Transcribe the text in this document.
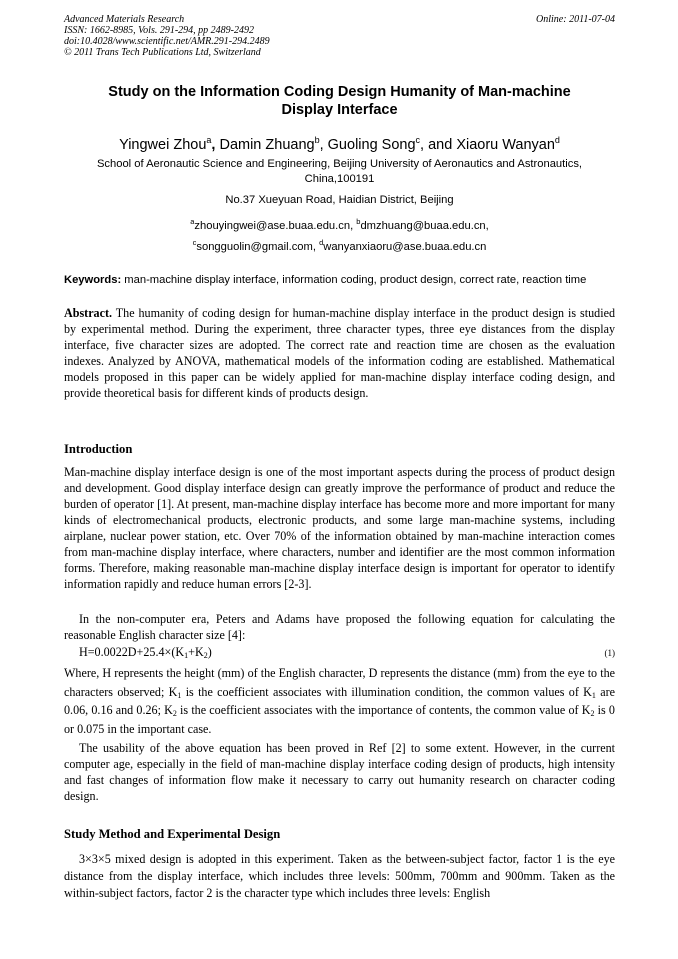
Advanced Materials Research	Online: 2011-07-04
ISSN: 1662-8985, Vols. 291-294, pp 2489-2492
doi:10.4028/www.scientific.net/AMR.291-294.2489
© 2011 Trans Tech Publications Ltd, Switzerland
Study on the Information Coding Design Humanity of Man-machine
Display Interface
Yingwei Zhou$^a$, Damin Zhuang$^b$, Guoling Song$^c$, and Xiaoru Wanyan$^d$
School of Aeronautic Science and Engineering, Beijing University of Aeronautics and Astronautics,
China,100191
No.37 Xueyuan Road, Haidian District, Beijing
$^a$zhouyingwei@ase.buaa.edu.cn, $^b$dmzhuang@buaa.edu.cn,
$^c$songguolin@gmail.com, $^d$wanyanxiaoru@ase.buaa.edu.cn
Keywords: man-machine display interface, information coding, product design, correct rate, reaction time
Abstract. The humanity of coding design for human-machine display interface in the product design is studied by experimental method. During the experiment, three character types, three eye distances from the display interface, five character sizes are adopted. The correct rate and reaction time are chosen as the evaluation indexes. Analyzed by ANOVA, mathematical models of the information coding are established. Mathematical models proposed in this paper can be widely applied for man-machine display interface coding design, and provide theoretical basis for different kinds of products design.
Introduction
Man-machine display interface design is one of the most important aspects during the process of product design and development. Good display interface design can greatly improve the performance of product and reduce the burden of operator [1]. At present, man-machine display interface has become more and more important for many kinds of electromechanical products, electronic products, and some large man-machine systems, including airplane, nuclear power station, etc. Over 70% of the information obtained by man-machine interaction comes from man-machine display interface, where characters, number and identifier are the most common information forms. Therefore, making reasonable man-machine display interface design is important for operator to identify information rapidly and reduce human errors [2-3].
In the non-computer era, Peters and Adams have proposed the following equation for calculating the reasonable English character size [4]:
$H=0.0022D+25.4\times(K_1+K_2)$	(1)
Where, H represents the height (mm) of the English character, D represents the distance (mm) from the eye to the characters observed; $K_1$ is the coefficient associates with illumination condition, the common values of $K_1$ are 0.06, 0.16 and 0.26; $K_2$ is the coefficient associates with the importance of contents, the common value of $K_2$ is 0 or 0.075 in the important case.
The usability of the above equation has been proved in Ref [2] to some extent. However, in the current computer age, especially in the field of man-machine display interface coding design of products, high intensity and fast changes of information flow make it necessary to carry out humanity research on character coding design.
Study Method and Experimental Design
3×3×5 mixed design is adopted in this experiment. Taken as the between-subject factor, factor 1 is the eye distance from the display interface, which includes three levels: 500mm, 700mm and 900mm. Taken as the within-subject factors, factor 2 is the character type which includes three levels: English
